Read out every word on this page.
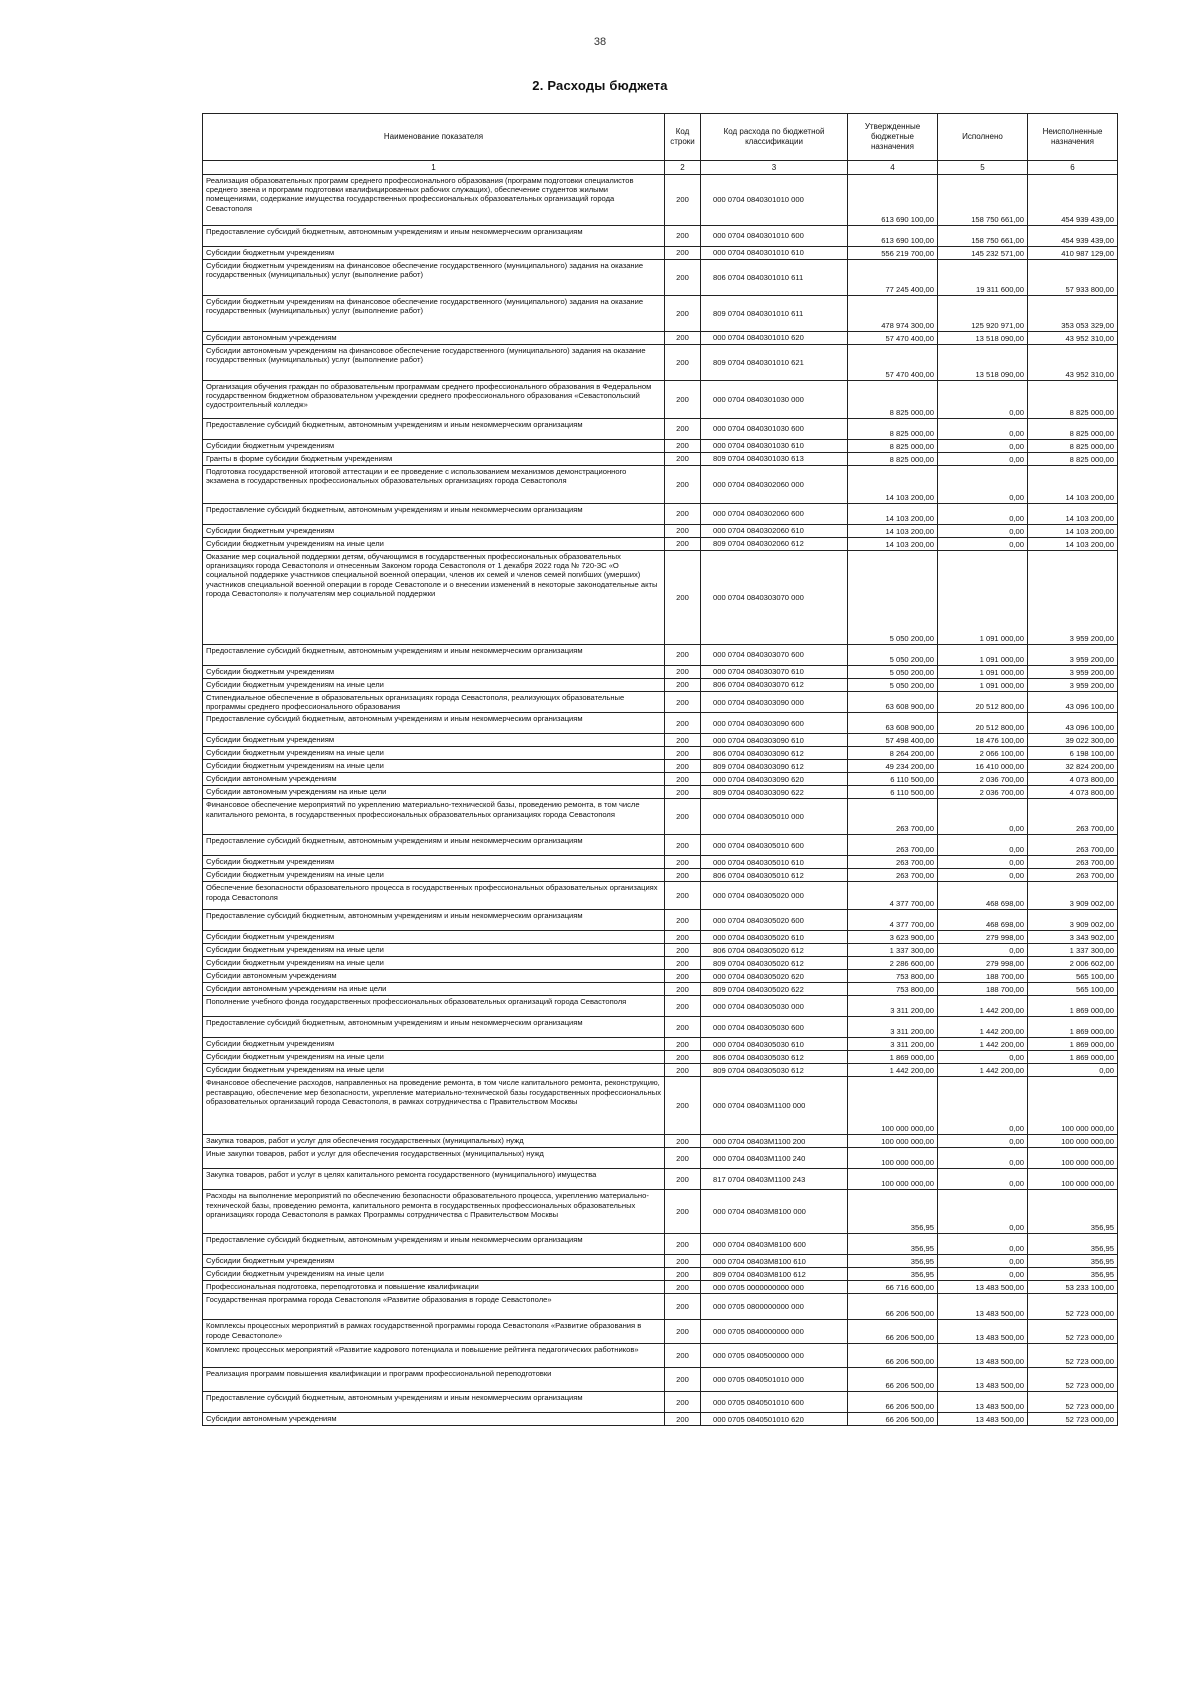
38
2. Расходы бюджета
Наименование показателя	Код строки	Код расхода по бюджетной классификации	Утвержденные бюджетные назначения	Исполнено	Неисполненные назначения
1	2	3	4	5	6
Реализация образовательных программ среднего профессионального образования (программ подготовки специалистов среднего звена и программ подготовки квалифицированных рабочих служащих), обеспечение студентов жилыми помещениями, содержание имущества государственных профессиональных образовательных организаций города Севастополя	200	000 0704 0840301010 000	613 690 100,00	158 750 661,00	454 939 439,00
Предоставление субсидий бюджетным, автономным учреждениям и иным некоммерческим организациям	200	000 0704 0840301010 600	613 690 100,00	158 750 661,00	454 939 439,00
Субсидии бюджетным учреждениям	200	000 0704 0840301010 610	556 219 700,00	145 232 571,00	410 987 129,00
Субсидии бюджетным учреждениям на финансовое обеспечение государственного (муниципального) задания на оказание государственных (муниципальных) услуг (выполнение работ)	200	806 0704 0840301010 611	77 245 400,00	19 311 600,00	57 933 800,00
Субсидии бюджетным учреждениям на финансовое обеспечение государственного (муниципального) задания на оказание государственных (муниципальных) услуг (выполнение работ)	200	809 0704 0840301010 611	478 974 300,00	125 920 971,00	353 053 329,00
Субсидии автономным учреждениям	200	000 0704 0840301010 620	57 470 400,00	13 518 090,00	43 952 310,00
Субсидии автономным учреждениям на финансовое обеспечение государственного (муниципального) задания на оказание государственных (муниципальных) услуг (выполнение работ)	200	809 0704 0840301010 621	57 470 400,00	13 518 090,00	43 952 310,00
Организация обучения граждан по образовательным программам среднего профессионального образования в Федеральном государственном бюджетном образовательном учреждении среднего профессионального образования «Севастопольский судостроительный колледж»	200	000 0704 0840301030 000	8 825 000,00	0,00	8 825 000,00
Предоставление субсидий бюджетным, автономным учреждениям и иным некоммерческим организациям	200	000 0704 0840301030 600	8 825 000,00	0,00	8 825 000,00
Субсидии бюджетным учреждениям	200	000 0704 0840301030 610	8 825 000,00	0,00	8 825 000,00
Гранты в форме субсидии бюджетным учреждениям	200	809 0704 0840301030 613	8 825 000,00	0,00	8 825 000,00
Подготовка государственной итоговой аттестации и ее проведение с использованием механизмов демонстрационного экзамена в государственных профессиональных образовательных организациях города Севастополя	200	000 0704 0840302060 000	14 103 200,00	0,00	14 103 200,00
Предоставление субсидий бюджетным, автономным учреждениям и иным некоммерческим организациям	200	000 0704 0840302060 600	14 103 200,00	0,00	14 103 200,00
Субсидии бюджетным учреждениям	200	000 0704 0840302060 610	14 103 200,00	0,00	14 103 200,00
Субсидии бюджетным учреждениям на иные цели	200	809 0704 0840302060 612	14 103 200,00	0,00	14 103 200,00
Оказание мер социальной поддержки детям, обучающимся в государственных профессиональных образовательных организациях города Севастополя и отнесенным Законом города Севастополя от 1 декабря 2022 года № 720-ЗС «О социальной поддержке участников специальной военной операции, членов их семей и членов семей погибших (умерших) участников специальной военной операции в городе Севастополе и о внесении изменений в некоторые законодательные акты города Севастополя» к получателям мер социальной поддержки	200	000 0704 0840303070 000	5 050 200,00	1 091 000,00	3 959 200,00
Предоставление субсидий бюджетным, автономным учреждениям и иным некоммерческим организациям	200	000 0704 0840303070 600	5 050 200,00	1 091 000,00	3 959 200,00
Субсидии бюджетным учреждениям	200	000 0704 0840303070 610	5 050 200,00	1 091 000,00	3 959 200,00
Субсидии бюджетным учреждениям на иные цели	200	806 0704 0840303070 612	5 050 200,00	1 091 000,00	3 959 200,00
Стипендиальное обеспечение в образовательных организациях города Севастополя, реализующих образовательные программы среднего профессионального образования	200	000 0704 0840303090 000	63 608 900,00	20 512 800,00	43 096 100,00
Предоставление субсидий бюджетным, автономным учреждениям и иным некоммерческим организациям	200	000 0704 0840303090 600	63 608 900,00	20 512 800,00	43 096 100,00
Субсидии бюджетным учреждениям	200	000 0704 0840303090 610	57 498 400,00	18 476 100,00	39 022 300,00
Субсидии бюджетным учреждениям на иные цели	200	806 0704 0840303090 612	8 264 200,00	2 066 100,00	6 198 100,00
Субсидии бюджетным учреждениям на иные цели	200	809 0704 0840303090 612	49 234 200,00	16 410 000,00	32 824 200,00
Субсидии автономным учреждениям	200	000 0704 0840303090 620	6 110 500,00	2 036 700,00	4 073 800,00
Субсидии автономным учреждениям на иные цели	200	809 0704 0840303090 622	6 110 500,00	2 036 700,00	4 073 800,00
Финансовое обеспечение мероприятий по укреплению материально-технической базы, проведению ремонта, в том числе капитального ремонта, в государственных профессиональных образовательных организациях города Севастополя	200	000 0704 0840305010 000	263 700,00	0,00	263 700,00
Предоставление субсидий бюджетным, автономным учреждениям и иным некоммерческим организациям	200	000 0704 0840305010 600	263 700,00	0,00	263 700,00
Субсидии бюджетным учреждениям	200	000 0704 0840305010 610	263 700,00	0,00	263 700,00
Субсидии бюджетным учреждениям на иные цели	200	806 0704 0840305010 612	263 700,00	0,00	263 700,00
Обеспечение безопасности образовательного процесса в государственных профессиональных образовательных организациях города Севастополя	200	000 0704 0840305020 000	4 377 700,00	468 698,00	3 909 002,00
Предоставление субсидий бюджетным, автономным учреждениям и иным некоммерческим организациям	200	000 0704 0840305020 600	4 377 700,00	468 698,00	3 909 002,00
Субсидии бюджетным учреждениям	200	000 0704 0840305020 610	3 623 900,00	279 998,00	3 343 902,00
Субсидии бюджетным учреждениям на иные цели	200	806 0704 0840305020 612	1 337 300,00	0,00	1 337 300,00
Субсидии бюджетным учреждениям на иные цели	200	809 0704 0840305020 612	2 286 600,00	279 998,00	2 006 602,00
Субсидии автономным учреждениям	200	000 0704 0840305020 620	753 800,00	188 700,00	565 100,00
Субсидии автономным учреждениям на иные цели	200	809 0704 0840305020 622	753 800,00	188 700,00	565 100,00
Пополнение учебного фонда государственных профессиональных образовательных организаций города Севастополя	200	000 0704 0840305030 000	3 311 200,00	1 442 200,00	1 869 000,00
Предоставление субсидий бюджетным, автономным учреждениям и иным некоммерческим организациям	200	000 0704 0840305030 600	3 311 200,00	1 442 200,00	1 869 000,00
Субсидии бюджетным учреждениям	200	000 0704 0840305030 610	3 311 200,00	1 442 200,00	1 869 000,00
Субсидии бюджетным учреждениям на иные цели	200	806 0704 0840305030 612	1 869 000,00	0,00	1 869 000,00
Субсидии бюджетным учреждениям на иные цели	200	809 0704 0840305030 612	1 442 200,00	1 442 200,00	0,00
Финансовое обеспечение расходов, направленных на проведение ремонта, в том числе капитального ремонта, реконструкцию, реставрацию, обеспечение мер безопасности, укрепление материально-технической базы государственных профессиональных образовательных организаций города Севастополя, в рамках сотрудничества с Правительством Москвы	200	000 0704 08403M1100 000	100 000 000,00	0,00	100 000 000,00
Закупка товаров, работ и услуг для обеспечения государственных (муниципальных) нужд	200	000 0704 08403M1100 200	100 000 000,00	0,00	100 000 000,00
Иные закупки товаров, работ и услуг для обеспечения государственных (муниципальных) нужд	200	000 0704 08403M1100 240	100 000 000,00	0,00	100 000 000,00
Закупка товаров, работ и услуг в целях капитального ремонта государственного (муниципального) имущества	200	817 0704 08403M1100 243	100 000 000,00	0,00	100 000 000,00
Расходы на выполнение мероприятий по обеспечению безопасности образовательного процесса, укреплению материально-технической базы, проведению ремонта, капитального ремонта в государственных профессиональных образовательных организациях города Севастополя в рамках Программы сотрудничества с Правительством Москвы	200	000 0704 08403M8100 000	356,95	0,00	356,95
Предоставление субсидий бюджетным, автономным учреждениям и иным некоммерческим организациям	200	000 0704 08403M8100 600	356,95	0,00	356,95
Субсидии бюджетным учреждениям	200	000 0704 08403M8100 610	356,95	0,00	356,95
Субсидии бюджетным учреждениям на иные цели	200	809 0704 08403M8100 612	356,95	0,00	356,95
Профессиональная подготовка, переподготовка и повышение квалификации	200	000 0705 0000000000 000	66 716 600,00	13 483 500,00	53 233 100,00
Государственная программа города Севастополя «Развитие образования в городе Севастополе»	200	000 0705 0800000000 000	66 206 500,00	13 483 500,00	52 723 000,00
Комплексы процессных мероприятий в рамках государственной программы города Севастополя «Развитие образования в городе Севастополе»	200	000 0705 0840000000 000	66 206 500,00	13 483 500,00	52 723 000,00
Комплекс процессных мероприятий «Развитие кадрового потенциала и повышение рейтинга педагогических работников»	200	000 0705 0840500000 000	66 206 500,00	13 483 500,00	52 723 000,00
Реализация программ повышения квалификации и программ профессиональной переподготовки	200	000 0705 0840501010 000	66 206 500,00	13 483 500,00	52 723 000,00
Предоставление субсидий бюджетным, автономным учреждениям и иным некоммерческим организациям	200	000 0705 0840501010 600	66 206 500,00	13 483 500,00	52 723 000,00
Субсидии автономным учреждениям	200	000 0705 0840501010 620	66 206 500,00	13 483 500,00	52 723 000,00
